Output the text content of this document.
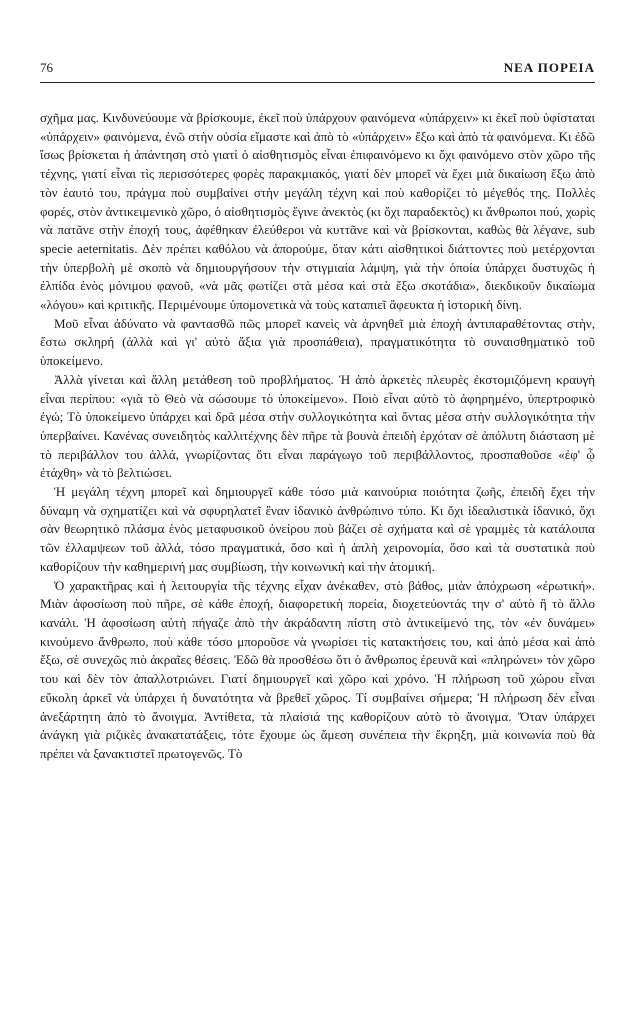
76	ΝΕΑ ΠΟΡΕΙΑ

σχῆμα μας. Κινδυνεύουμε νὰ βρίσκουμε, ἐκεῖ ποὺ ὑπάρχουν φαινόμενα «ὑπάρχειν» κι ἐκεῖ ποὺ ὑφίσταται «ὑπάρχειν» φαινόμενα, ἐνῶ στὴν οὐσία εἴμαστε καὶ ἀπὸ τὸ «ὑπάρχειν» ἔξω καὶ ἀπὸ τὰ φαινόμενα. Κι ἐδῶ ἴσως βρίσκεται ἡ ἀπάντηση στὸ γιατί ὁ αἰσθητισμὸς εἶναι ἐπιφαινόμενο κι ὄχι φαινόμενο στὸν χῶρο τῆς τέχνης, γιατί εἶναι τὶς περισσότερες φορὲς παρακμιακός, γιατί δὲν μπορεῖ νὰ ἔχει μιὰ δικαίωση ἔξω ἀπὸ τὸν ἑαυτό του, πράγμα ποὺ συμβαίνει στὴν μεγάλη τέχνη καὶ ποὺ καθορίζει τὸ μέγεθός της. Πολλὲς φορές, στὸν ἀντικειμενικὸ χῶρο, ὁ αἰσθητισμὸς ἔγινε ἀνεκτὸς (κι ὄχι παραδεκτὸς) κι ἄνθρωποι πού, χωρὶς νὰ πατᾶνε στὴν ἐποχή τους, ἀφέθηκαν ἐλεύθεροι νὰ κυττᾶνε καὶ νὰ βρίσκονται, καθὼς θὰ λέγανε, sub specie aeternitatis. Δὲν πρέπει καθόλου νὰ ἀπορούμε, ὅταν κάτι αἰσθητικοὶ διάττοντες ποὺ μετέρχονται τὴν ὑπερβολὴ μὲ σκοπὸ νὰ δημιουργήσουν τὴν στιγμιαία λάμψη, γιὰ τὴν ὁποία ὑπάρχει δυστυχῶς ἡ ἐλπίδα ἑνὸς μόνιμου φανοῦ, «νὰ μᾶς φωτίζει στὰ μέσα καὶ στὰ ἔξω σκοτάδια», διεκδικοῦν δικαίωμα «λόγου» καὶ κριτικῆς. Περιμένουμε ὑπομονετικὰ νὰ τοὺς καταπιεῖ ἄφευκτα ἡ ἱστορικὴ δίνη.

Μοῦ εἶναι ἀδύνατο νὰ φαντασθῶ πῶς μπορεῖ κανεὶς νὰ ἀρνηθεῖ μιὰ ἐποχὴ ἀντιπαραθέτοντας στὴν, ἔστω σκληρή (ἀλλὰ καὶ γι' αὐτὸ ἄξια γιὰ προσπάθεια), πραγματικότητα τὸ συναισθηματικὸ τοῦ ὑποκείμενο.

Ἀλλὰ γίνεται καὶ ἄλλη μετάθεση τοῦ προβλήματος. Ἡ ἀπὸ ἀρκετὲς πλευρὲς ἐκστομιζόμενη κραυγὴ εἶναι περίπου: «γιὰ τὸ Θεὸ νὰ σώσουμε τὸ ὑποκείμενο». Ποιὸ εἶναι αὐτὸ τὸ ἀφηρημένο, ὑπερτροφικὸ ἐγώ; Τὸ ὑποκείμενο ὑπάρχει καὶ δρᾶ μέσα στὴν συλλογικότητα καὶ ὄντας μέσα στὴν συλλογικότητα τὴν ὑπερβαίνει. Κανένας συνειδητὸς καλλιτέχνης δὲν πῆρε τὰ βουνὰ ἐπειδὴ ἐρχόταν σὲ ἀπόλυτη διάσταση μὲ τὸ περιβάλλον του ἀλλά, γνωρίζοντας ὅτι εἶναι παράγωγο τοῦ περιβάλλοντος, προσπαθοῦσε «ἐφ' ᾧ ἐτάχθη» νὰ τὸ βελτιώσει.

Ἡ μεγάλη τέχνη μπορεῖ καὶ δημιουργεῖ κάθε τόσο μιὰ καινούρια ποιότητα ζωῆς, ἐπειδὴ ἔχει τὴν δύναμη νὰ σχηματίζει καὶ νὰ σφυρηλατεῖ ἕναν ἰδανικὸ ἀνθρώπινο τύπο. Κι ὄχι ἰδεαλιστικὰ ἰδανικό, ὄχι σὰν θεωρητικὸ πλάσμα ἑνὸς μεταφυσικοῦ ὀνείρου ποὺ βάζει σὲ σχήματα καὶ σὲ γραμμὲς τὰ κατάλοιπα τῶν ἐλλαμψεων τοῦ ἀλλά, τόσο πραγματικά, ὅσο καὶ ἡ ἁπλὴ χειρονομία, ὅσο καὶ τὰ συστατικὰ ποὺ καθορίζουν τὴν καθημερινή μας συμβίωση, τὴν κοινωνικὴ καὶ τὴν ἀτομική.

Ὁ χαρακτῆρας καὶ ἡ λειτουργία τῆς τέχνης εἶχαν ἀνέκαθεν, στὸ βάθος, μιὰν ἀπόχρωση «ἐρωτική». Μιὰν ἀφοσίωση ποὺ πῆρε, σὲ κάθε ἐποχή, διαφορετικὴ πορεία, διοχετεύοντάς την σ' αὐτὸ ἢ τὸ ἄλλο κανάλι. Ἡ ἀφοσίωση αὐτὴ πήγαζε ἀπὸ τὴν ἀκράδαντη πίστη στὸ ἀντικείμενό της, τὸν «ἐν δυνάμει» κινούμενο ἄνθρωπο, ποὺ κάθε τόσο μποροῦσε νὰ γνωρίσει τὶς κατακτήσεις του, καὶ ἀπὸ μέσα καὶ ἀπὸ ἔξω, σὲ συνεχῶς πιὸ ἀκραῖες θέσεις. Ἐδῶ θὰ προσθέσω ὅτι ὁ ἄνθρωπος ἐρευνᾶ καὶ «πληρώνει» τὸν χῶρο του καὶ δὲν τὸν ἀπαλλοτριώνει. Γιατί δημιουργεῖ καὶ χῶρο καὶ χρόνο. Ἡ πλήρωση τοῦ χώρου εἶναι εὔκολη ἀρκεῖ νὰ ὑπάρχει ἡ δυνατότητα νὰ βρεθεῖ χῶρος. Τί συμβαίνει σήμερα; Ἡ πλήρωση δὲν εἶναι ἀνεξάρτητη ἀπὸ τὸ ἄνοιγμα. Ἀντίθετα, τὰ πλαίσιά της καθορίζουν αὐτὸ τὸ ἄνοιγμα. Ὅταν ὑπάρχει ἀνάγκη γιὰ ριζικὲς ἀνακατατάξεις, τότε ἔχουμε ὡς ἄμεση συνέπεια τὴν ἔκρηξη, μιὰ κοινωνία ποὺ θὰ πρέπει νὰ ξανακτιστεῖ πρωτογενῶς. Τὸ
